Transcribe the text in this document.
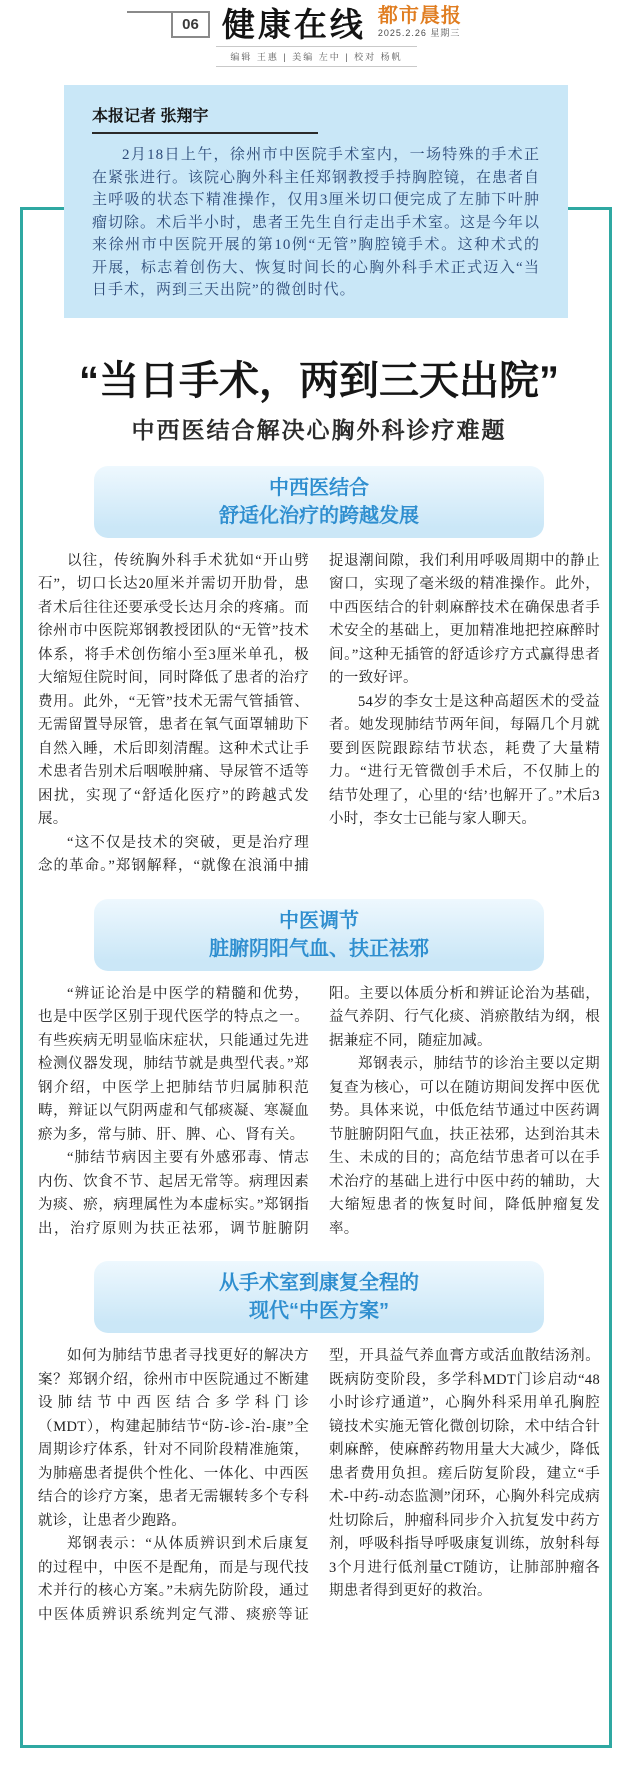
06 健康在线 都市晨报
2025.2.26 星期三
编辑 王惠 | 美编 左中 | 校对 杨帆
本报记者 张翔宇

2月18日上午，徐州市中医院手术室内，一场特殊的手术正在紧张进行。该院心胸外科主任郑钢教授手持胸腔镜，在患者自主呼吸的状态下精准操作，仅用3厘米切口便完成了左肺下叶肿瘤切除。术后半小时，患者王先生自行走出手术室。这是今年以来徐州市中医院开展的第10例“无管”胸腔镜手术。这种术式的开展，标志着创伤大、恢复时间长的心胸外科手术正式迈入“当日手术，两到三天出院”的微创时代。

“当日手术，两到三天出院”
中西医结合解决心胸外科诊疗难题
中西医结合
舒适化治疗的跨越发展

以往，传统胸外科手术犹如“开山劈石”，切口长达20厘米并需切开肋骨，患者术后往往还要承受长达月余的疼痛。而徐州市中医院郑钢教授团队的“无管”技术体系，将手术创伤缩小至3厘米单孔，极大缩短住院时间，同时降低了患者的治疗费用。此外，“无管”技术无需气管插管、无需留置导尿管，患者在氧气面罩辅助下自然入睡，术后即刻清醒。这种术式让手术患者告别术后咽喉肿痛、导尿管不适等困扰，实现了“舒适化医疗”的跨越式发展。

“这不仅是技术的突破，更是治疗理念的革命。”郑钢解释，“就像在浪涌中捕捉退潮间隙，我们利用呼吸周期中的静止窗口，实现了毫米级的精准操作。此外，中西医结合的针刺麻醉技术在确保患者手术安全的基础上，更加精准地把控麻醉时间。”这种无插管的舒适诊疗方式赢得患者的一致好评。

54岁的李女士是这种高超医术的受益者。她发现肺结节两年间，每隔几个月就要到医院跟踪结节状态，耗费了大量精力。“进行无管微创手术后，不仅肺上的结节处理了，心里的‘结’也解开了。”术后3小时，李女士已能与家人聊天。

中医调节
脏腑阴阳气血、扶正祛邪

“辨证论治是中医学的精髓和优势，也是中医学区别于现代医学的特点之一。有些疾病无明显临床症状，只能通过先进检测仪器发现，肺结节就是典型代表。”郑钢介绍，中医学上把肺结节归属肺积范畴，辩证以气阴两虚和气郁痰凝、寒凝血瘀为多，常与肺、肝、脾、心、肾有关。

“肺结节病因主要有外感邪毒、情志内伤、饮食不节、起居无常等。病理因素为痰、瘀，病理属性为本虚标实。”郑钢指出，治疗原则为扶正祛邪，调节脏腑阴阳。主要以体质分析和辨证论治为基础，益气养阴、行气化痰、消瘀散结为纲，根据兼症不同，随症加减。

郑钢表示，肺结节的诊治主要以定期复查为核心，可以在随访期间发挥中医优势。具体来说，中低危结节通过中医药调节脏腑阴阳气血，扶正祛邪，达到治其未生、未成的目的；高危结节患者可以在手术治疗的基础上进行中医中药的辅助，大大缩短患者的恢复时间，降低肿瘤复发率。

从手术室到康复全程的
现代“中医方案”

如何为肺结节患者寻找更好的解决方案？郑钢介绍，徐州市中医院通过不断建设肺结节中西医结合多学科门诊（MDT），构建起肺结节“防-诊-治-康”全周期诊疗体系，针对不同阶段精准施策，为肺癌患者提供个性化、一体化、中西医结合的诊疗方案，患者无需辗转多个专科就诊，让患者少跑路。

郑钢表示：“从体质辨识到术后康复的过程中，中医不是配角，而是与现代技术并行的核心方案。”未病先防阶段，通过中医体质辨识系统判定气滞、痰瘀等证型，开具益气养血膏方或活血散结汤剂。既病防变阶段，多学科MDT门诊启动“48小时诊疗通道”，心胸外科采用单孔胸腔镜技术实施无管化微创切除，术中结合针刺麻醉，使麻醉药物用量大大减少，降低患者费用负担。瘥后防复阶段，建立“手术-中药-动态监测”闭环，心胸外科完成病灶切除后，肿瘤科同步介入抗复发中药方剂，呼吸科指导呼吸康复训练，放射科每3个月进行低剂量CT随访，让肺部肿瘤各期患者得到更好的救治。
